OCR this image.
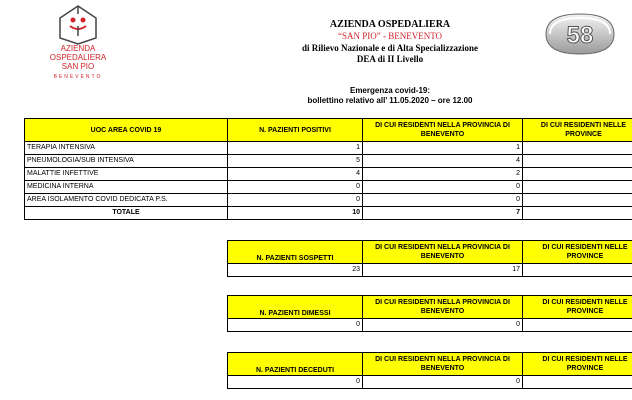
AZIENDA
OSPEDALIERA
SAN PIO
BENEVENTO
AZIENDA OSPEDALIERA
“SAN PIO” - BENEVENTO
di Rilievo Nazionale e di Alta Specializzazione
DEA di II Livello
Emergenza covid-19:
bollettino relativo all’ 11.05.2020 – ore 12.00
58
UOC AREA COVID 19	N. PAZIENTI POSITIVI	DI CUI RESIDENTI NELLA PROVINCIA DI BENEVENTO	DI CUI RESIDENTI NELLE PROVINCE
TERAPIA INTENSIVA	1	1	
PNEUMOLOGIA/SUB INTENSIVA	5	4	
MALATTIE INFETTIVE	4	2	
MEDICINA INTERNA	0	0	
AREA ISOLAMENTO COVID DEDICATA P.S.	0	0	
TOTALE	10	7	
N. PAZIENTI SOSPETTI	DI CUI RESIDENTI NELLA PROVINCIA DI BENEVENTO	DI CUI RESIDENTI NELLE PROVINCE
23	17	
N. PAZIENTI DIMESSI	DI CUI RESIDENTI NELLA PROVINCIA DI BENEVENTO	DI CUI RESIDENTI NELLE PROVINCE
0	0	
N. PAZIENTI DECEDUTI	DI CUI RESIDENTI NELLA PROVINCIA DI BENEVENTO	DI CUI RESIDENTI NELLE PROVINCE
0	0	
